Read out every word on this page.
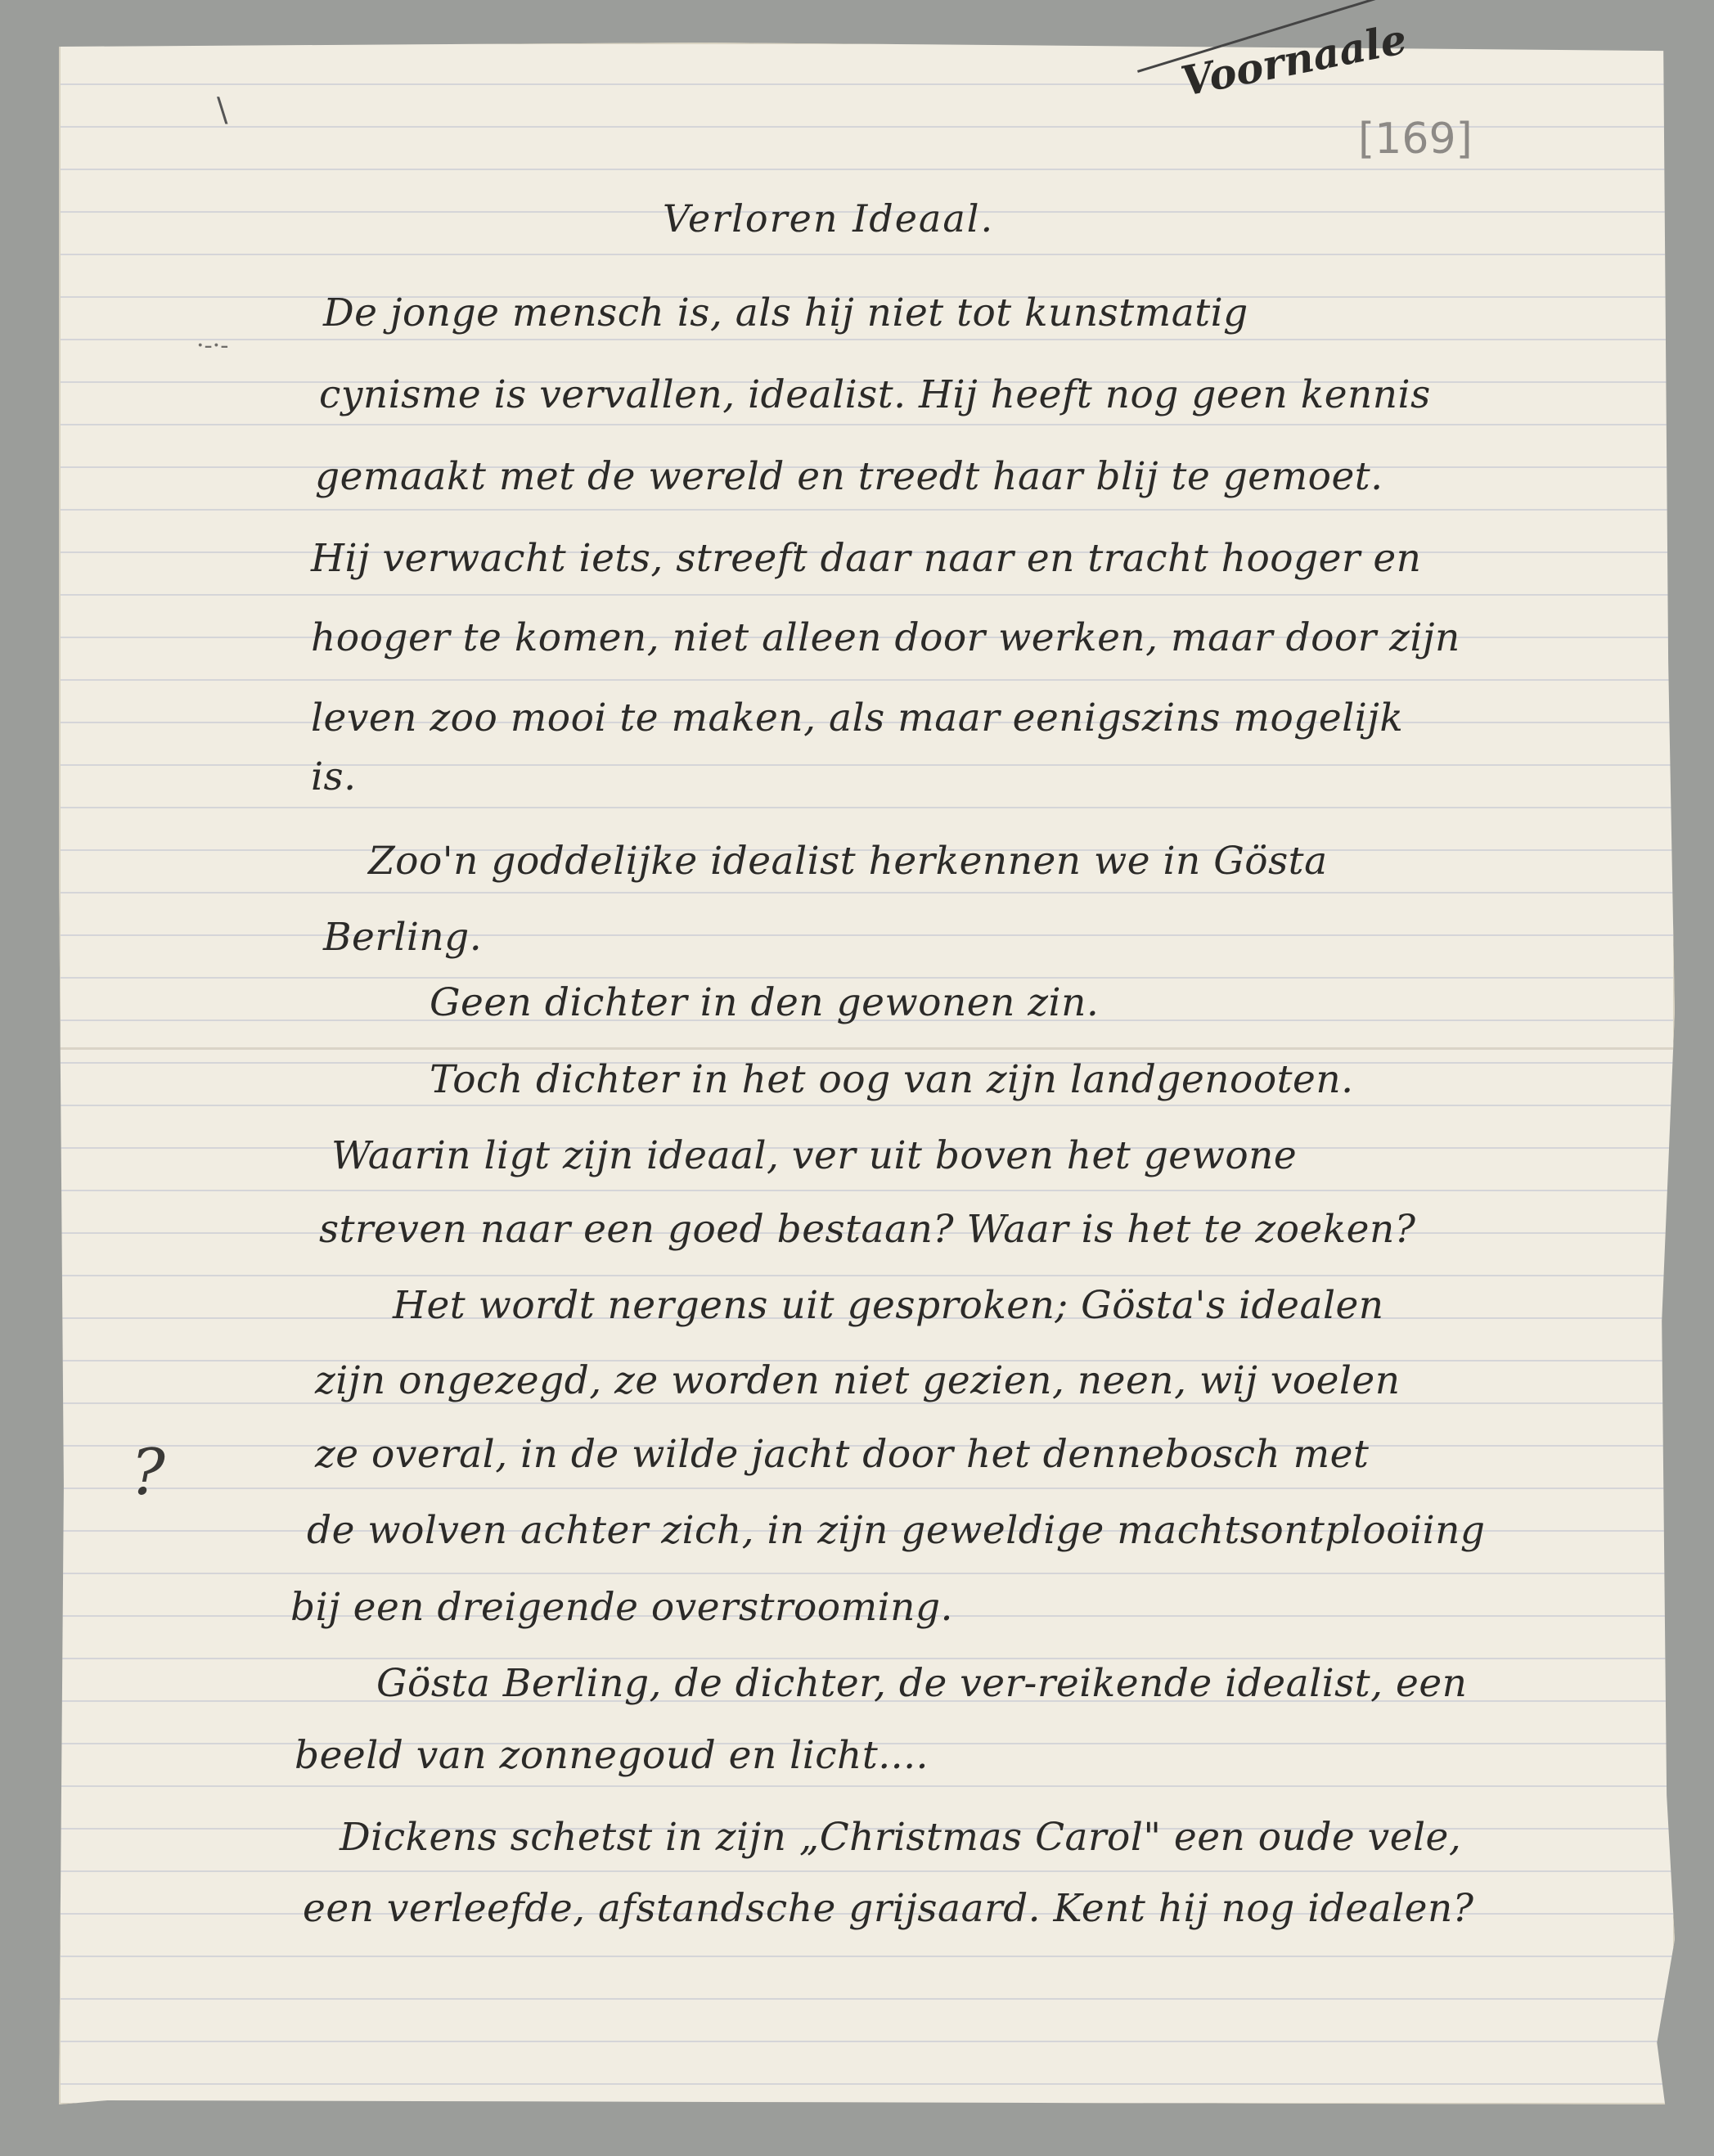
\
Voornaale
[169]
Verloren Ideaal.
·-·-
?
De jonge mensch is, als hij niet tot kunstmatig
cynisme is vervallen, idealist. Hij heeft nog geen kennis
gemaakt met de wereld en treedt haar blij te gemoet.
Hij verwacht iets, streeft daar naar en tracht hooger en
hooger te komen, niet alleen door werken, maar door zijn
leven zoo mooi te maken, als maar eenigszins mogelijk
is.
Zoo'n goddelijke idealist herkennen we in Gösta
Berling.
Geen dichter in den gewonen zin.
Toch dichter in het oog van zijn landgenooten.
Waarin ligt zijn ideaal, ver uit boven het gewone
streven naar een goed bestaan? Waar is het te zoeken?
Het wordt nergens uit gesproken; Gösta's idealen
zijn ongezegd, ze worden niet gezien, neen, wij voelen
ze overal, in de wilde jacht door het dennebosch met
de wolven achter zich, in zijn geweldige machtsontplooiing
bij een dreigende overstrooming.
Gösta Berling, de dichter, de ver-reikende idealist, een
beeld van zonnegoud en licht....
Dickens schetst in zijn „Christmas Carol" een oude vele,
een verleefde, afstandsche grijsaard. Kent hij nog idealen?
